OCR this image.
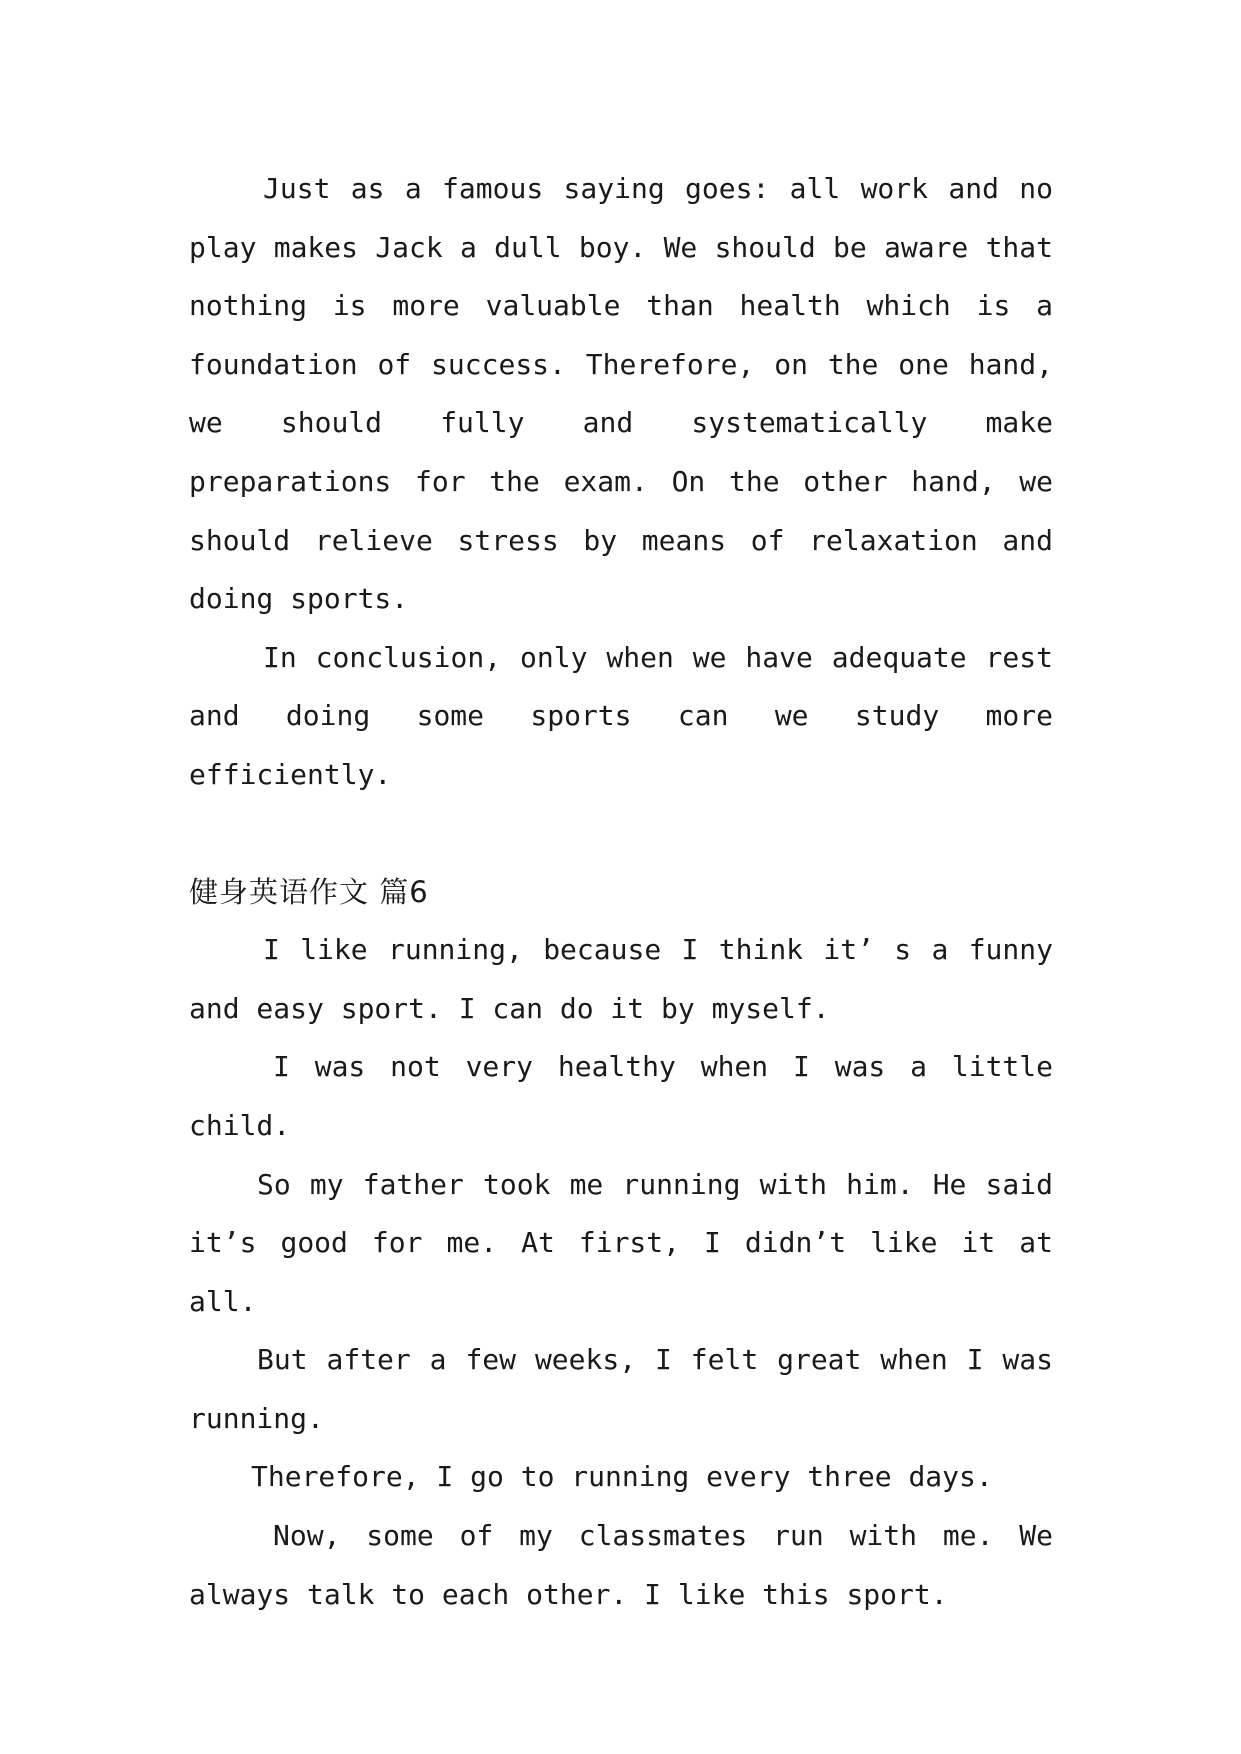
Just as a famous saying goes: all work and no play makes Jack a dull boy. We should be aware that nothing is more valuable than health which is a foundation of success. Therefore, on the one hand, we should fully and systematically make preparations for the exam. On the other hand, we should relieve stress by means of relaxation and doing sports.

In conclusion, only when we have adequate rest and doing some sports can we study more efficiently.

健身英语作文 篇6

I like running, because I think it’ s a funny and easy sport. I can do it by myself.

I was not very healthy when I was a little child.

So my father took me running with him. He said it’s good for me. At first, I didn’t like it at all.

But after a few weeks, I felt great when I was running.

Therefore, I go to running every three days.

Now, some of my classmates run with me. We always talk to each other. I like this sport.
